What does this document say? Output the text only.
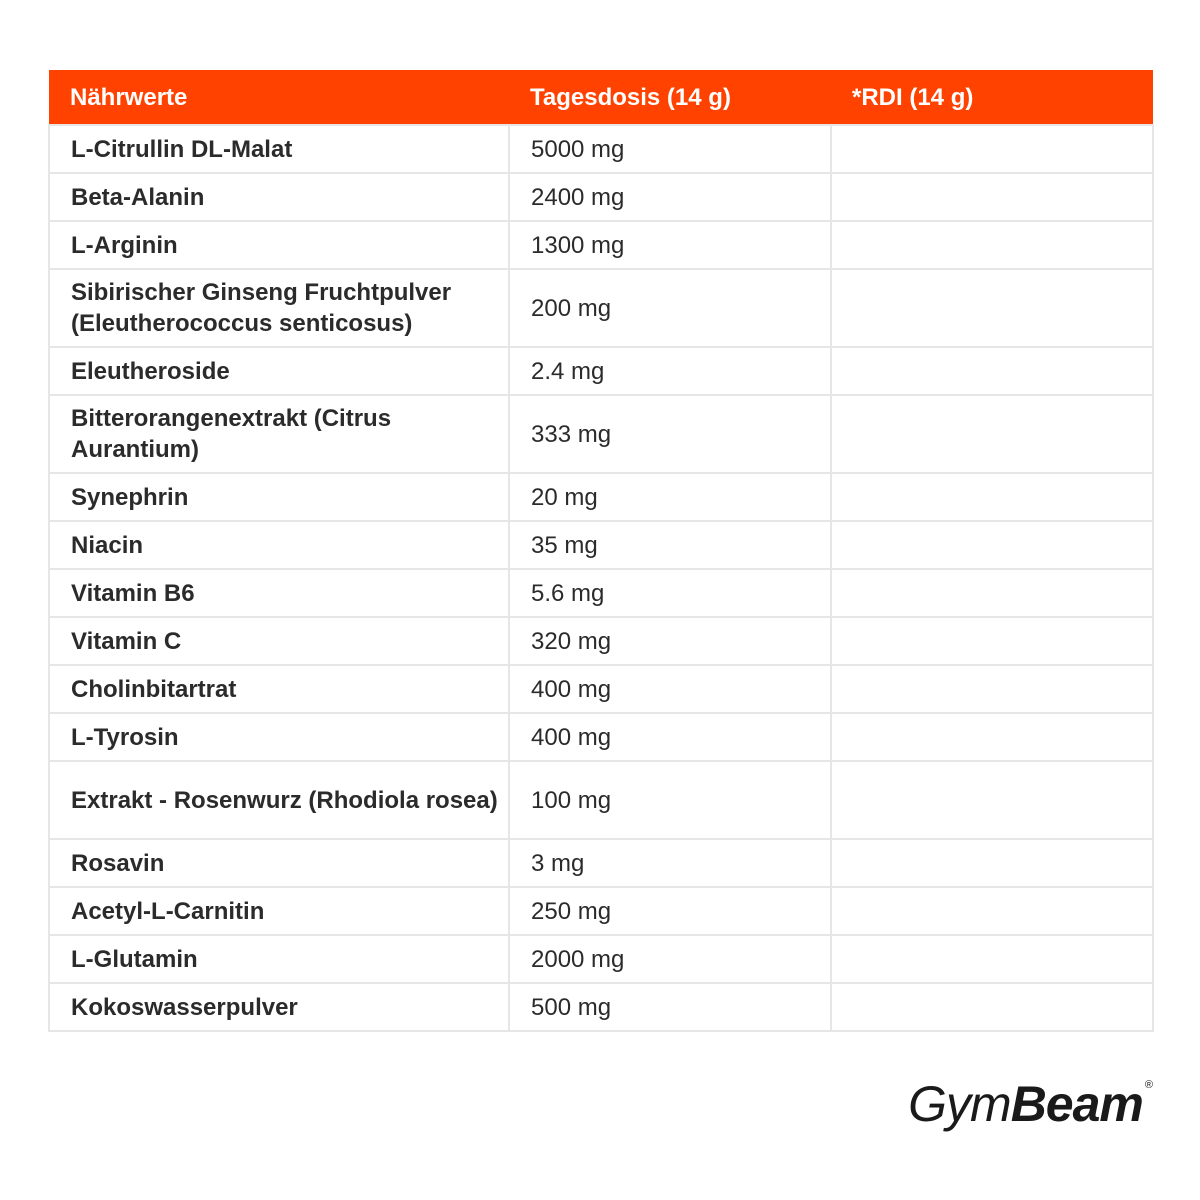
Nährwerte	Tagesdosis (14 g)	*RDI (14 g)
L-Citrullin DL-Malat	5000 mg	
Beta-Alanin	2400 mg	
L-Arginin	1300 mg	
Sibirischer Ginseng Fruchtpulver (Eleutherococcus senticosus)	200 mg	
Eleutheroside	2.4 mg	
Bitterorangenextrakt (Citrus Aurantium)	333 mg	
Synephrin	20 mg	
Niacin	35 mg	
Vitamin B6	5.6 mg	
Vitamin C	320 mg	
Cholinbitartrat	400 mg	
L-Tyrosin	400 mg	
Extrakt - Rosenwurz (Rhodiola rosea)	100 mg	
Rosavin	3 mg	
Acetyl-L-Carnitin	250 mg	
L-Glutamin	2000 mg	
Kokoswasserpulver	500 mg	
Gym Beam ®
